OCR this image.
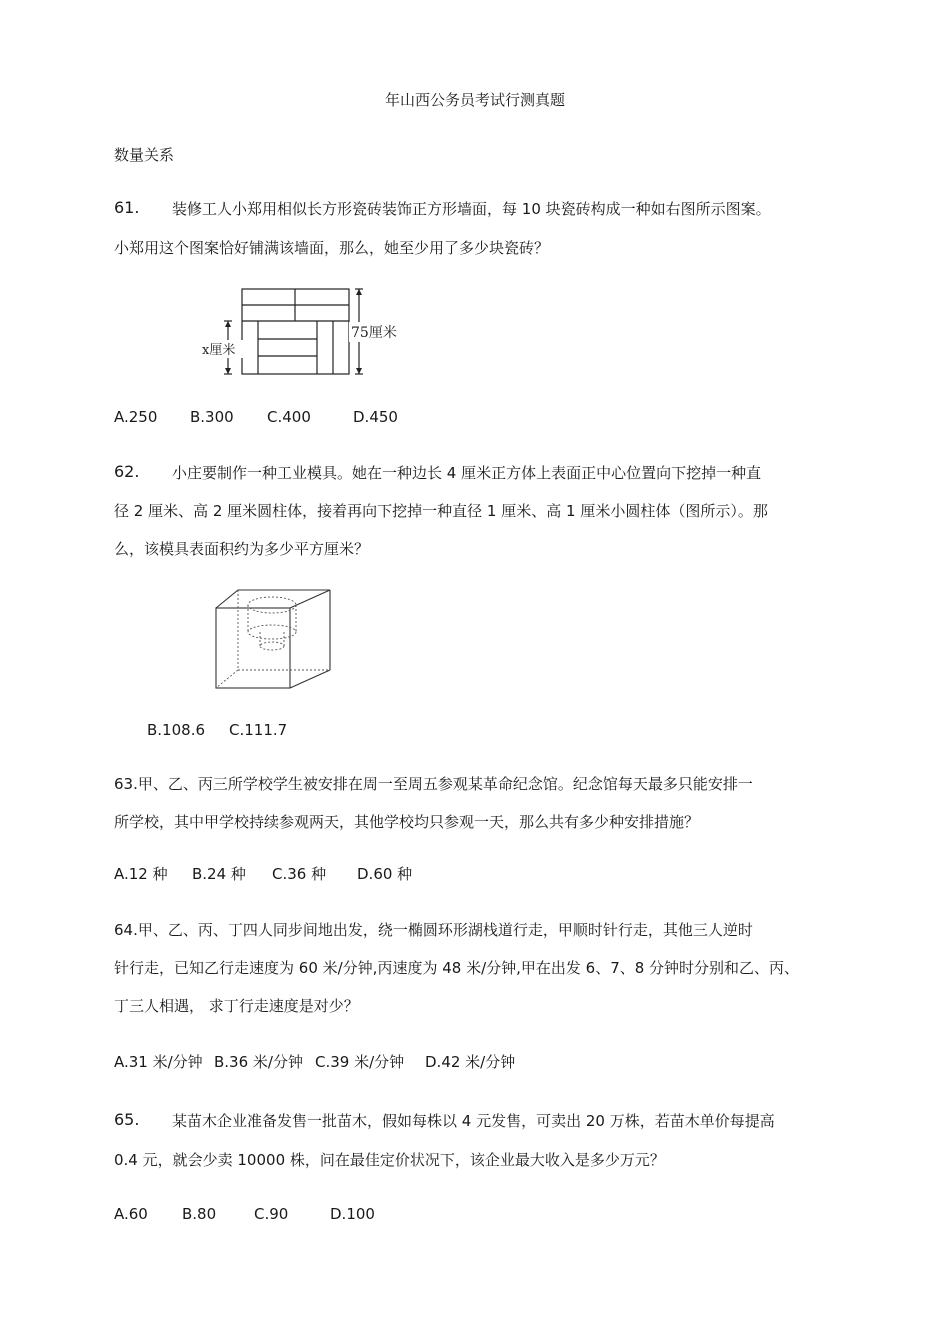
年山西公务员考试行测真题
数量关系
61. 装修工人小郑用相似长方形瓷砖装饰正方形墙面，每 10 块瓷砖构成一种如右图所示图案。
小郑用这个图案恰好铺满该墙面，那么，她至少用了多少块瓷砖？
x厘米
75厘米
A.250 B.300 C.400	D.450
62. 小庄要制作一种工业模具。她在一种边长 4 厘米正方体上表面正中心位置向下挖掉一种直
径 2 厘米、高 2 厘米圆柱体，接着再向下挖掉一种直径 1 厘米、高 1 厘米小圆柱体（图所示）。那
么，该模具表面积约为多少平方厘米？
B.108.6 C.111.7
63.甲、乙、丙三所学校学生被安排在周一至周五参观某革命纪念馆。纪念馆每天最多只能安排一
所学校，其中甲学校持续参观两天，其他学校均只参观一天，那么共有多少种安排措施？
A.12 种 B.24 种 C.36 种 D.60 种
64.甲、乙、丙、丁四人同步间地出发，绕一椭圆环形湖栈道行走，甲顺时针行走，其他三人逆时
针行走，已知乙行走速度为 60 米/分钟,丙速度为 48 米/分钟,甲在出发 6、7、8 分钟时分别和乙、丙、
丁三人相遇， 求丁行走速度是对少？
A.31 米/分钟 B.36 米/分钟 C.39 米/分钟 D.42 米/分钟
65. 某苗木企业准备发售一批苗木，假如每株以 4 元发售，可卖出 20 万株，若苗木单价每提高
0.4 元，就会少卖 10000 株，问在最佳定价状况下，该企业最大收入是多少万元？
A.60 B.80	C.90	D.100
